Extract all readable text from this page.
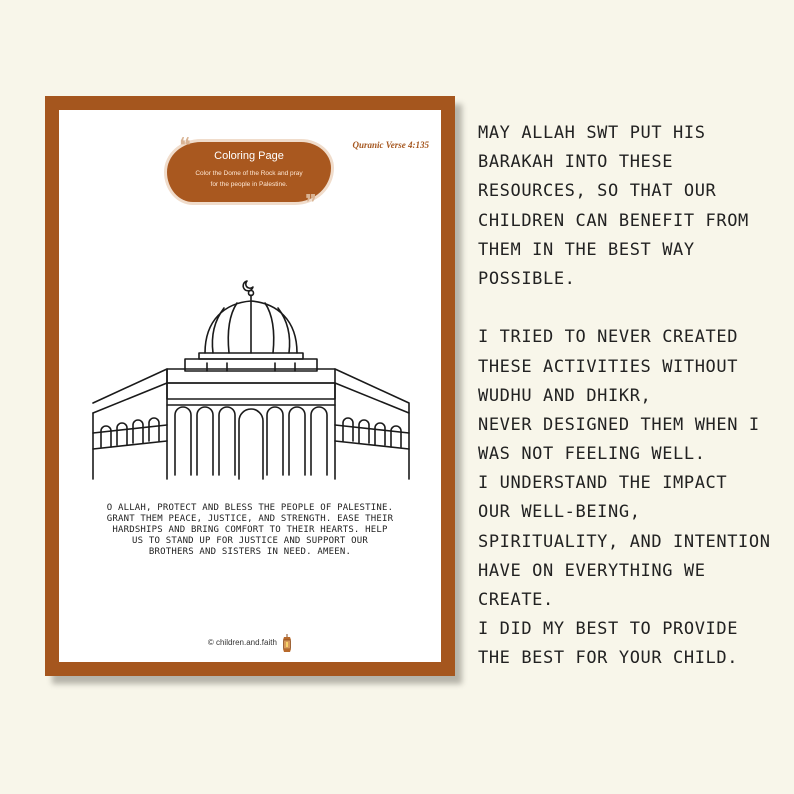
❝
❞
Coloring Page
Color the Dome of the Rock and pray
for the people in Palestine.
Quranic Verse 4:135
O ALLAH, PROTECT AND BLESS THE PEOPLE OF PALESTINE.
GRANT THEM PEACE, JUSTICE, AND STRENGTH. EASE THEIR
HARDSHIPS AND BRING COMFORT TO THEIR HEARTS. HELP
US TO STAND UP FOR JUSTICE AND SUPPORT OUR
BROTHERS AND SISTERS IN NEED. AMEEN.
© children.and.faith
MAY ALLAH SWT PUT HIS
BARAKAH INTO THESE
RESOURCES, SO THAT OUR
CHILDREN CAN BENEFIT FROM
THEM IN THE BEST WAY
POSSIBLE.
I TRIED TO NEVER CREATED
THESE ACTIVITIES WITHOUT
WUDHU AND DHIKR,
NEVER DESIGNED THEM WHEN I
WAS NOT FEELING WELL.
I UNDERSTAND THE IMPACT
OUR WELL-BEING,
SPIRITUALITY, AND INTENTION
HAVE ON EVERYTHING WE
CREATE.
I DID MY BEST TO PROVIDE
THE BEST FOR YOUR CHILD.
